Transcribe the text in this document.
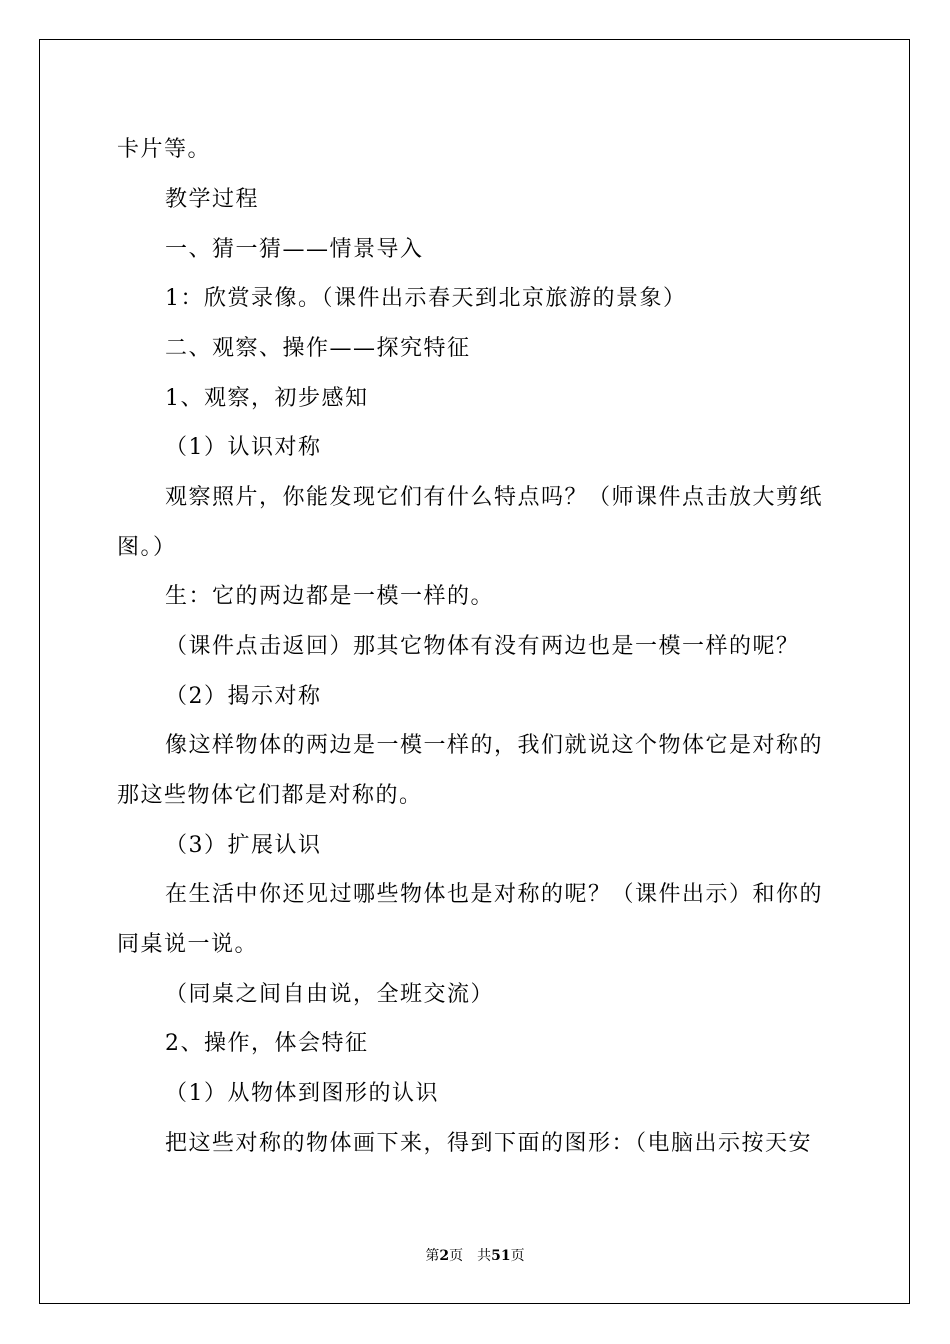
卡片等。
教学过程
一、猜一猜——情景导入
1：欣赏录像。（课件出示春天到北京旅游的景象）
二、观察、操作——探究特征
1、观察，初步感知
（1）认识对称
观察照片，你能发现它们有什么特点吗？（师课件点击放大剪纸
图。）
生：它的两边都是一模一样的。
（课件点击返回）那其它物体有没有两边也是一模一样的呢？
（2）揭示对称
像这样物体的两边是一模一样的，我们就说这个物体它是对称的
那这些物体它们都是对称的。
（3）扩展认识
在生活中你还见过哪些物体也是对称的呢？（课件出示）和你的
同桌说一说。
（同桌之间自由说，全班交流）
2、操作，体会特征
（1）从物体到图形的认识
把这些对称的物体画下来，得到下面的图形：（电脑出示按天安
第2页 共51页
